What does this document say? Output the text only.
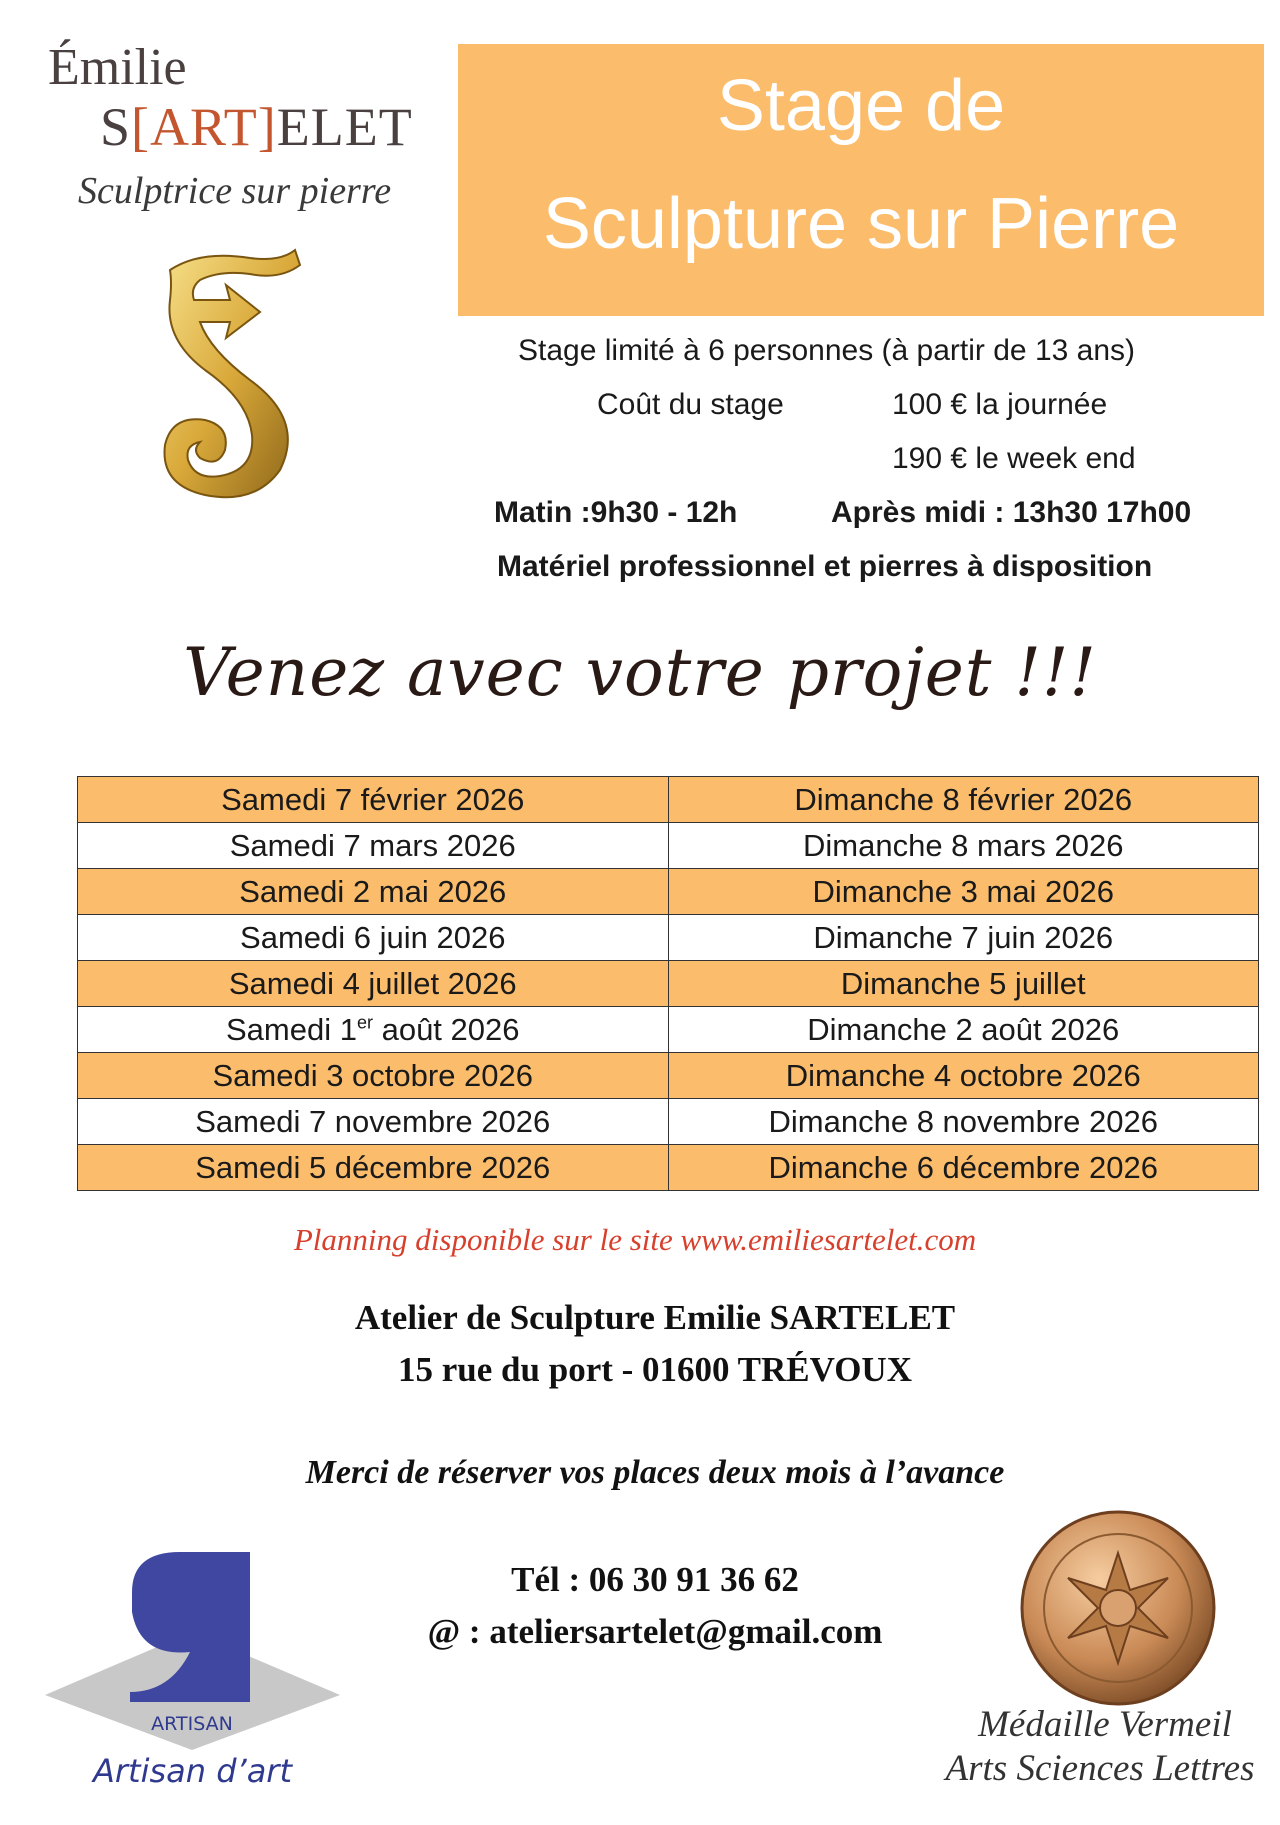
Émilie
S[ART]ELET
Sculptrice sur pierre
Stage de
Sculpture sur Pierre
Stage limité à 6 personnes (à partir de 13 ans)
Coût du stage	100 € la journée
190 € le week end
Matin :9h30 - 12h	Après midi : 13h30 17h00
Matériel professionnel et pierres à disposition
Venez avec votre projet !!!
Samedi 7 février 2026	Dimanche 8 février 2026
Samedi 7 mars 2026	Dimanche 8 mars 2026
Samedi 2 mai 2026	Dimanche 3 mai 2026
Samedi 6 juin 2026	Dimanche 7 juin 2026
Samedi 4 juillet 2026	Dimanche 5 juillet
Samedi 1er août 2026	Dimanche 2 août 2026
Samedi 3 octobre 2026	Dimanche 4 octobre 2026
Samedi 7 novembre 2026	Dimanche 8 novembre 2026
Samedi 5 décembre 2026	Dimanche 6 décembre 2026
Planning disponible sur le site www.emiliesartelet.com
Atelier de Sculpture Emilie SARTELET
15 rue du port - 01600 TRÉVOUX
Merci de réserver vos places deux mois à l’avance
Tél : 06 30 91 36 62
@ : ateliersartelet@gmail.com
ARTISAN
Artisan d’art
Médaille Vermeil
Arts Sciences Lettres
